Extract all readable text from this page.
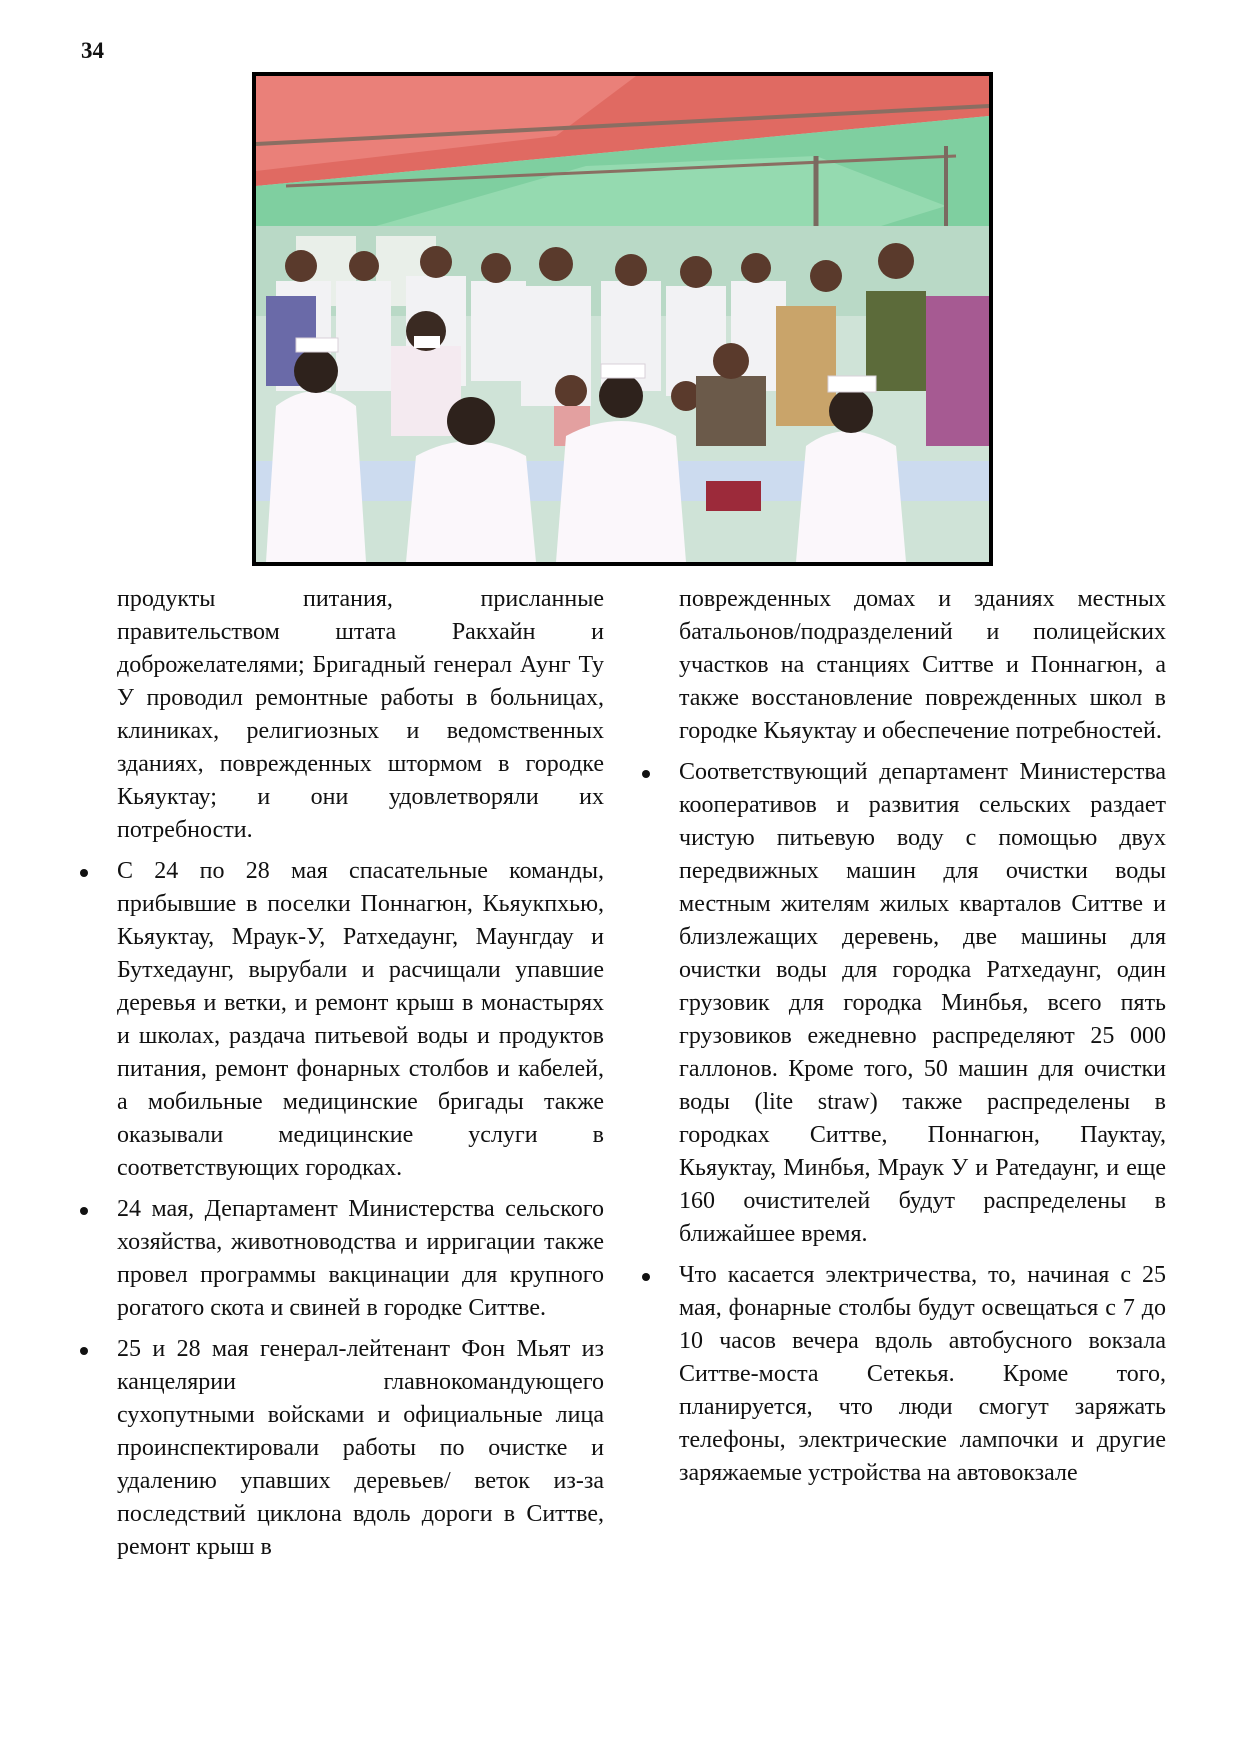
34

продукты питания, присланные правительством штата Ракхайн и доброжелателями; Бригадный генерал Аунг Ту У проводил ремонтные работы в больницах, клиниках, религиозных и ведомственных зданиях, поврежденных штормом в городке Кьяуктау; и они удовлетворяли их потребности.

С 24 по 28 мая спасательные команды, прибывшие в поселки Поннагюн, Кьяукпхью, Кьяуктау, Мраук-У, Ратхедаунг, Маунгдау и Бутхедаунг, вырубали и расчищали упавшие деревья и ветки, и ремонт крыш в монастырях и школах, раздача питьевой воды и продуктов питания, ремонт фонарных столбов и кабелей, а мобильные медицинские бригады также оказывали медицинские услуги в соответствующих городках.
24 мая, Департамент Министерства сельского хозяйства, животноводства и ирригации также провел программы вакцинации для крупного рогатого скота и свиней в городке Ситтве.
25 и 28 мая генерал-лейтенант Фон Мьят из канцелярии главнокомандующего сухопутными войсками и официальные лица проинспектировали работы по очистке и удалению упавших деревьев/ веток из-за последствий циклона вдоль дороги в Ситтве, ремонт крыш в

поврежденных домах и зданиях местных батальонов/подразделений и полицейских участков на станциях Ситтве и Поннагюн, а также восстановление поврежденных школ в городке Кьяуктау и обеспечение потребностей.

Соответствующий департамент Министерства кооперативов и развития сельских раздает чистую питьевую воду с помощью двух передвижных машин для очистки воды местным жителям жилых кварталов Ситтве и близлежащих деревень, две машины для очистки воды для городка Ратхедаунг, один грузовик для городка Минбья, всего пять грузовиков ежедневно распределяют 25 000 галлонов. Кроме того, 50 машин для очистки воды (lite straw) также распределены в городках Ситтве, Поннагюн, Пауктау, Кьяуктау, Минбья, Мраук У и Ратедаунг, и еще 160 очистителей будут распределены в ближайшее время.
Что касается электричества, то, начиная с 25 мая, фонарные столбы будут освещаться с 7 до 10 часов вечера вдоль автобусного вокзала Ситтве-моста Сетекья. Кроме того, планируется, что люди смогут заряжать телефоны, электрические лампочки и другие заряжаемые устройства на автовокзале
